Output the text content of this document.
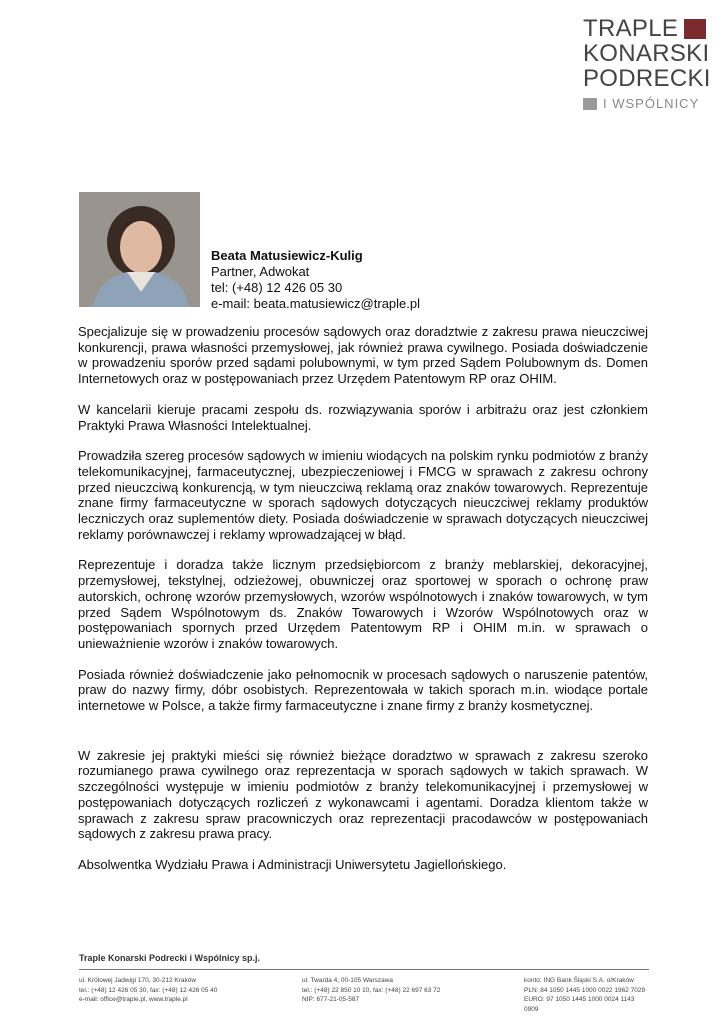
TRAPLE
KONARSKI
PODRECKI
I WSPÓLNICY
Beata Matusiewicz-Kulig
Partner, Adwokat
tel: (+48) 12 426 05 30
e-mail: beata.matusiewicz@traple.pl

Specjalizuje się w prowadzeniu procesów sądowych oraz doradztwie z zakresu prawa nieuczciwej konkurencji, prawa własności przemysłowej, jak również prawa cywilnego. Posiada doświadczenie w prowadzeniu sporów przed sądami polubownymi, w tym przed Sądem Polubownym ds. Domen Internetowych oraz w postępowaniach przez Urzędem Patentowym RP oraz OHIM.

W kancelarii kieruje pracami zespołu ds. rozwiązywania sporów i arbitrażu oraz jest członkiem Praktyki Prawa Własności Intelektualnej.

Prowadziła szereg procesów sądowych w imieniu wiodących na polskim rynku podmiotów z branży telekomunikacyjnej, farmaceutycznej, ubezpieczeniowej i FMCG w sprawach z zakresu ochrony przed nieuczciwą konkurencją, w tym nieuczciwą reklamą oraz znaków towarowych. Reprezentuje znane firmy farmaceutyczne w sporach sądowych dotyczących nieuczciwej reklamy produktów leczniczych oraz suplementów diety. Posiada doświadczenie w sprawach dotyczących nieuczciwej reklamy porównawczej i reklamy wprowadzającej w błąd.

Reprezentuje i doradza także licznym przedsiębiorcom z branży meblarskiej, dekoracyjnej, przemysłowej, tekstylnej, odzieżowej, obuwniczej oraz sportowej w sporach o ochronę praw autorskich, ochronę wzorów przemysłowych, wzorów wspólnotowych i znaków towarowych, w tym przed Sądem Wspólnotowym ds. Znaków Towarowych i Wzorów Wspólnotowych oraz w postępowaniach spornych przed Urzędem Patentowym RP i OHIM m.in. w sprawach o unieważnienie wzorów i znaków towarowych.

Posiada również doświadczenie jako pełnomocnik w procesach sądowych o naruszenie patentów, praw do nazwy firmy, dóbr osobistych. Reprezentowała w takich sporach m.in. wiodące portale internetowe w Polsce, a także firmy farmaceutyczne i znane firmy z branży kosmetycznej.

W zakresie jej praktyki mieści się również bieżące doradztwo w sprawach z zakresu szeroko rozumianego prawa cywilnego oraz reprezentacja w sporach sądowych w takich sprawach. W szczególności występuje w imieniu podmiotów z branży telekomunikacyjnej i przemysłowej w postępowaniach dotyczących rozliczeń z wykonawcami i agentami. Doradza klientom także w sprawach z zakresu spraw pracowniczych oraz reprezentacji pracodawców w postępowaniach sądowych z zakresu prawa pracy.

Absolwentka Wydziału Prawa i Administracji Uniwersytetu Jagiellońskiego.

Traple Konarski Podrecki i Wspólnicy sp.j.
ul. Królowej Jadwigi 170, 30-212 Kraków
tel.: (+48) 12 426 05 30, fax: (+48) 12 426 05 40
e-mail: office@traple.pl, www.traple.pl
ul. Twarda 4, 00-105 Warszawa
tel.: (+48) 22 850 10 10, fax: (+48) 22 697 63 72
NIP: 677-21-05-587
konto: ING Bank Śląski S.A. o/Kraków
PLN: 84 1050 1445 1000 0022 1962 7029
EURO: 97 1050 1445 1000 0024 1143 0909
